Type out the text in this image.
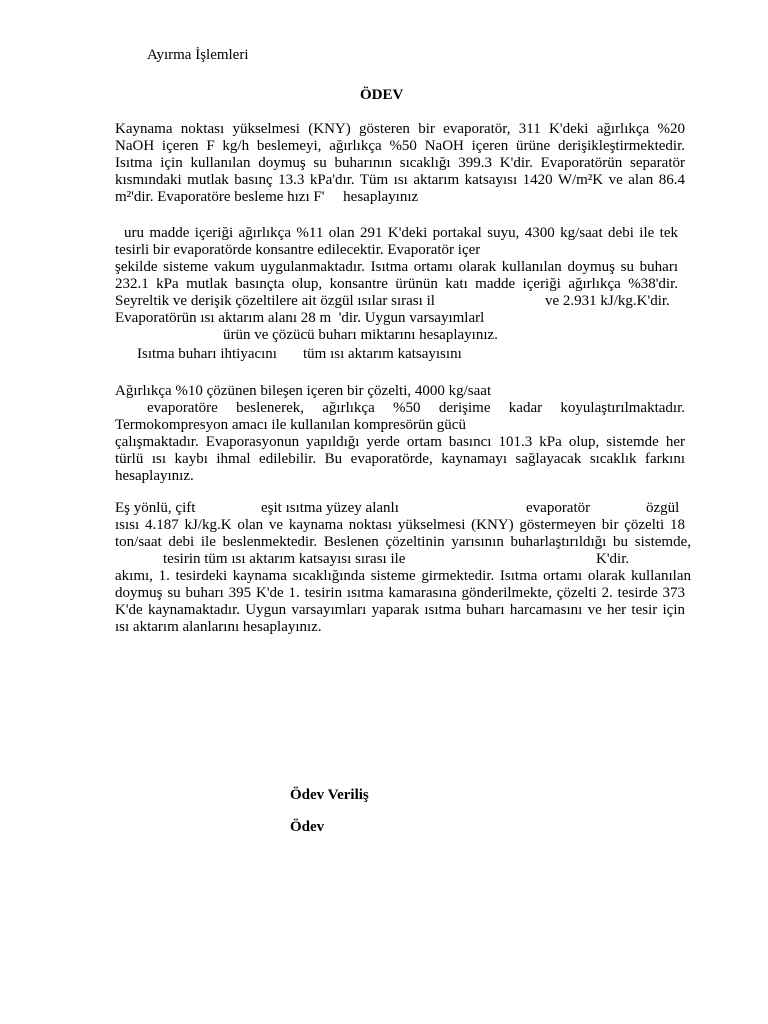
Ayırma İşlemleri
ÖDEV
Kaynama noktası yükselmesi (KNY) gösteren bir evaporatör, 311 K'deki ağırlıkça %20
NaOH içeren F kg/h beslemeyi, ağırlıkça %50 NaOH içeren ürüne derişikleştirmektedir.
Isıtma için kullanılan doymuş su buharının sıcaklığı 399.3 K'dir. Evaporatörün separatör
kısmındaki mutlak basınç 13.3 kPa'dır. Tüm ısı aktarım katsayısı 1420 W/m²K ve alan 86.4
m²'dir. Evaporatöre besleme hızı F'     hesaplayınız
uru madde içeriği ağırlıkça %11 olan 291 K'deki portakal suyu, 4300 kg/saat debi ile tek
tesirli bir evaporatörde konsantre edilecektir. Evaporatör içer
şekilde sisteme vakum uygulanmaktadır. Isıtma ortamı olarak kullanılan doymuş su buharı
232.1 kPa mutlak basınçta olup, konsantre ürünün katı madde içeriği ağırlıkça %38'dir.
Seyreltik ve derişik çözeltilere ait özgül ısılar sırası il	ve 2.931 kJ/kg.K'dir.
Evaporatörün ısı aktarım alanı 28 m  'dir. Uygun varsayımlarl
ürün ve çözücü buharı miktarını hesaplayınız.
Isıtma buharı ihtiyacını tüm ısı aktarım katsayısını
Ağırlıkça %10 çözünen bileşen içeren bir çözelti, 4000 kg/saat
evaporatöre beslenerek, ağırlıkça %50 derişime kadar koyulaştırılmaktadır.
Termokompresyon amacı ile kullanılan kompresörün gücü
çalışmaktadır. Evaporasyonun yapıldığı yerde ortam basıncı 101.3 kPa olup, sistemde her
türlü ısı kaybı ihmal edilebilir. Bu evaporatörde, kaynamayı sağlayacak sıcaklık farkını
hesaplayınız.
Eş yönlü, çift	eşit ısıtma yüzey alanlı	evaporatör	özgül
ısısı 4.187 kJ/kg.K olan ve kaynama noktası yükselmesi (KNY) göstermeyen bir çözelti 18
ton/saat debi ile beslenmektedir. Beslenen çözeltinin yarısının buharlaştırıldığı bu sistemde,
tesirin tüm ısı aktarım katsayısı sırası ile	K'dir.
akımı, 1. tesirdeki kaynama sıcaklığında sisteme girmektedir. Isıtma ortamı olarak kullanılan
doymuş su buharı 395 K'de 1. tesirin ısıtma kamarasına gönderilmekte, çözelti 2. tesirde 373
K'de kaynamaktadır. Uygun varsayımları yaparak ısıtma buharı harcamasını ve her tesir için
ısı aktarım alanlarını hesaplayınız.
Ödev Veriliş
Ödev
